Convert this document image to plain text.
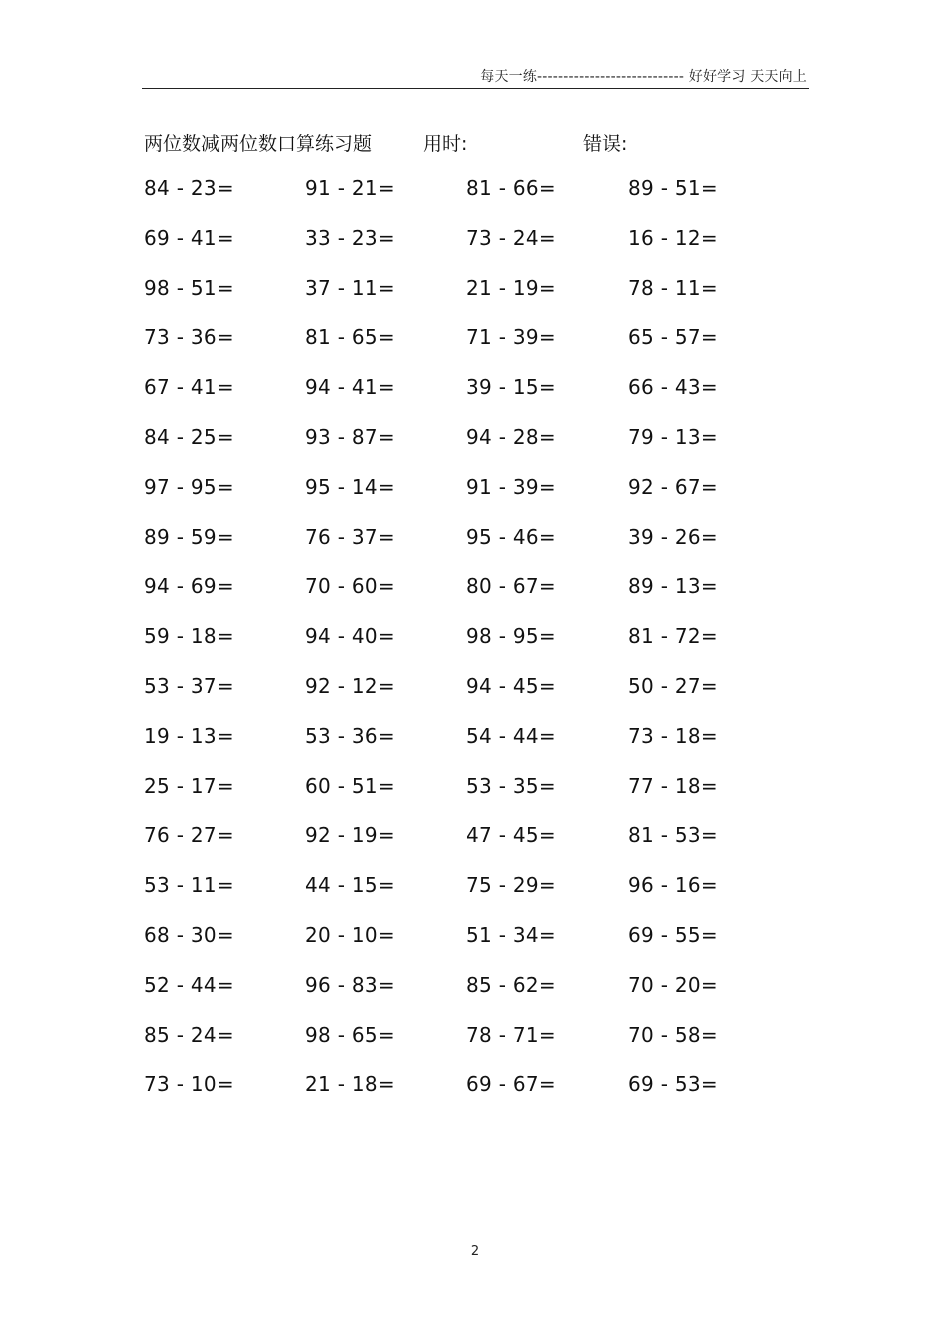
每天一练---------------------------- 好好学习 天天向上
两位数减两位数口算练习题	用时:	错误:
84 - 23=	91 - 21=	81 - 66=	89 - 51=
69 - 41=	33 - 23=	73 - 24=	16 - 12=
98 - 51=	37 - 11=	21 - 19=	78 - 11=
73 - 36=	81 - 65=	71 - 39=	65 - 57=
67 - 41=	94 - 41=	39 - 15=	66 - 43=
84 - 25=	93 - 87=	94 - 28=	79 - 13=
97 - 95=	95 - 14=	91 - 39=	92 - 67=
89 - 59=	76 - 37=	95 - 46=	39 - 26=
94 - 69=	70 - 60=	80 - 67=	89 - 13=
59 - 18=	94 - 40=	98 - 95=	81 - 72=
53 - 37=	92 - 12=	94 - 45=	50 - 27=
19 - 13=	53 - 36=	54 - 44=	73 - 18=
25 - 17=	60 - 51=	53 - 35=	77 - 18=
76 - 27=	92 - 19=	47 - 45=	81 - 53=
53 - 11=	44 - 15=	75 - 29=	96 - 16=
68 - 30=	20 - 10=	51 - 34=	69 - 55=
52 - 44=	96 - 83=	85 - 62=	70 - 20=
85 - 24=	98 - 65=	78 - 71=	70 - 58=
73 - 10=	21 - 18=	69 - 67=	69 - 53=
2
